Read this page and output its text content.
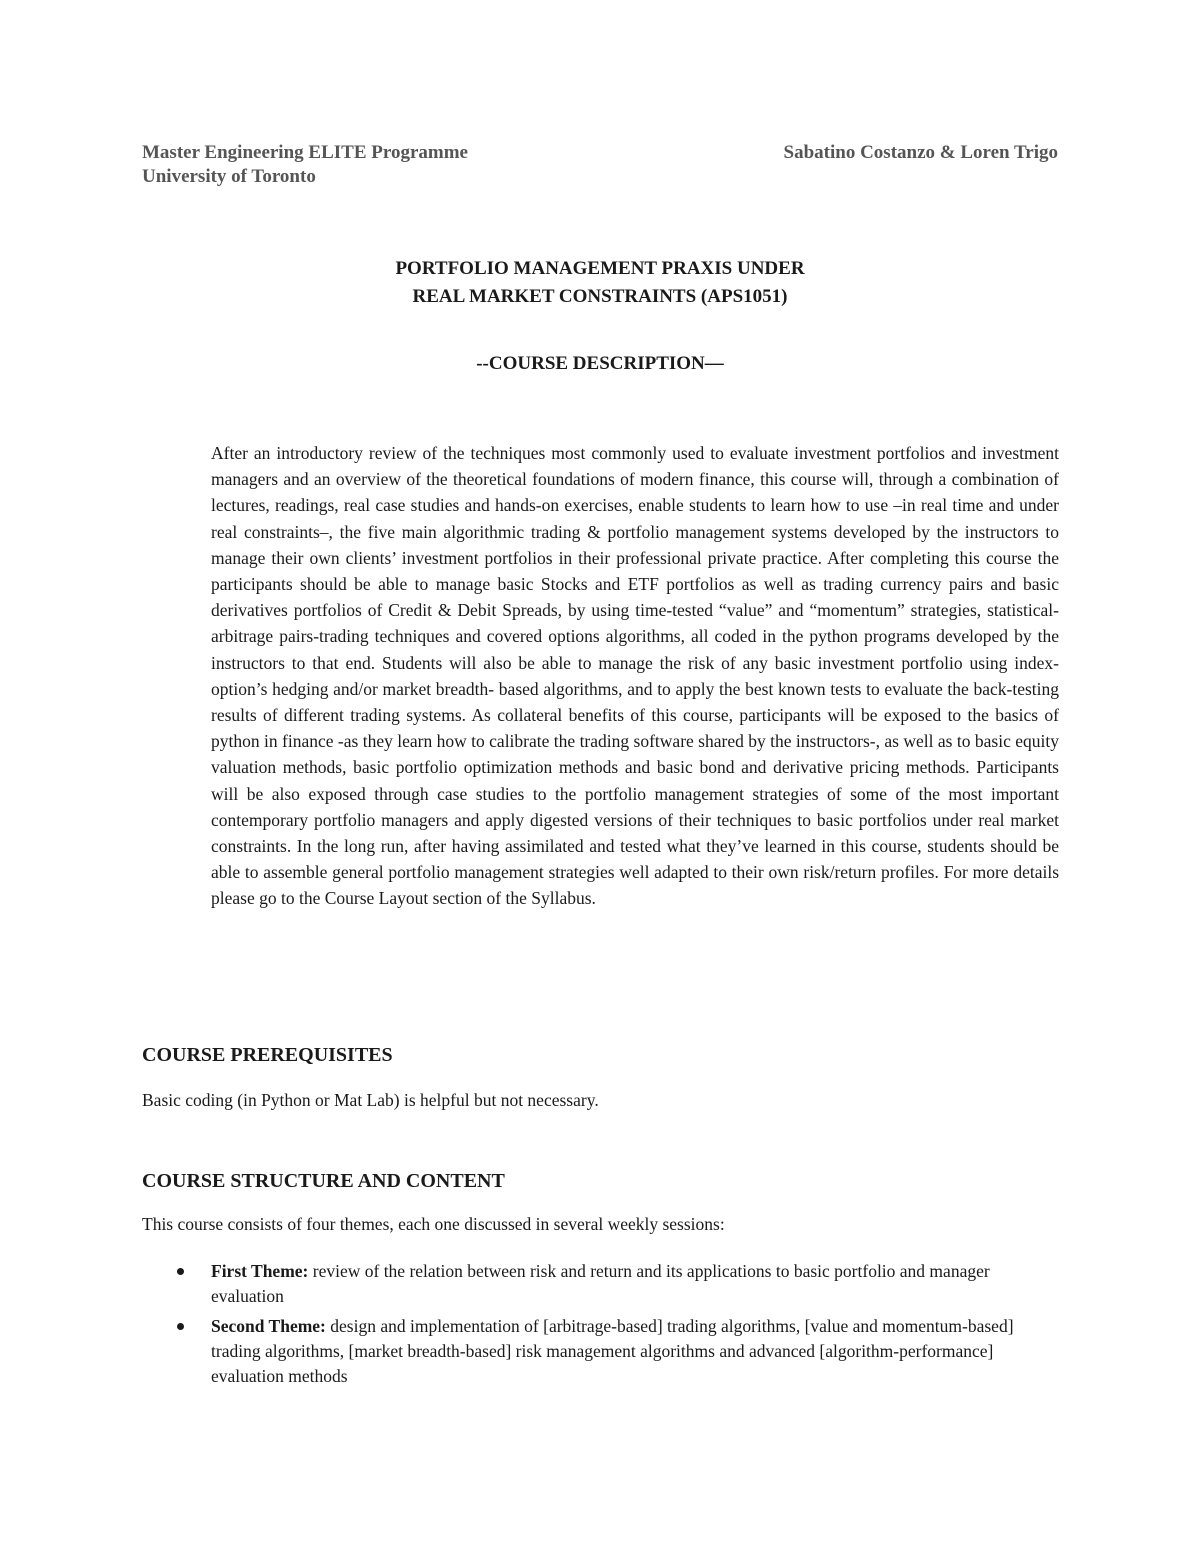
Master Engineering ELITE Programme	Sabatino Costanzo & Loren Trigo
University of Toronto
PORTFOLIO MANAGEMENT PRAXIS UNDER
REAL MARKET CONSTRAINTS (APS1051)
--COURSE DESCRIPTION—

After an introductory review of the techniques most commonly used to evaluate investment portfolios and investment managers and an overview of the theoretical foundations of modern finance, this course will, through a combination of lectures, readings, real case studies and hands-on exercises, enable students to learn how to use –in real time and under real constraints–, the five main algorithmic trading & portfolio management systems developed by the instructors to manage their own clients’ investment portfolios in their professional private practice. After completing this course the participants should be able to manage basic Stocks and ETF portfolios as well as trading currency pairs and basic derivatives portfolios of Credit & Debit Spreads, by using time-tested “value” and “momentum” strategies, statistical-arbitrage pairs-trading techniques and covered options algorithms, all coded in the python programs developed by the instructors to that end. Students will also be able to manage the risk of any basic investment portfolio using index-option’s hedging and/or market breadth- based algorithms, and to apply the best known tests to evaluate the back-testing results of different trading systems. As collateral benefits of this course, participants will be exposed to the basics of python in finance -as they learn how to calibrate the trading software shared by the instructors-, as well as to basic equity valuation methods, basic portfolio optimization methods and basic bond and derivative pricing methods. Participants will be also exposed through case studies to the portfolio management strategies of some of the most important contemporary portfolio managers and apply digested versions of their techniques to basic portfolios under real market constraints. In the long run, after having assimilated and tested what they’ve learned in this course, students should be able to assemble general portfolio management strategies well adapted to their own risk/return profiles. For more details please go to the Course Layout section of the Syllabus.

COURSE PREREQUISITES
Basic coding (in Python or Mat Lab) is helpful but not necessary.
COURSE STRUCTURE AND CONTENT
This course consists of four themes, each one discussed in several weekly sessions:
First Theme: review of the relation between risk and return and its applications to basic portfolio and manager evaluation
Second Theme: design and implementation of [arbitrage-based] trading algorithms, [value and momentum-based] trading algorithms, [market breadth-based] risk management algorithms and advanced [algorithm-performance] evaluation methods
